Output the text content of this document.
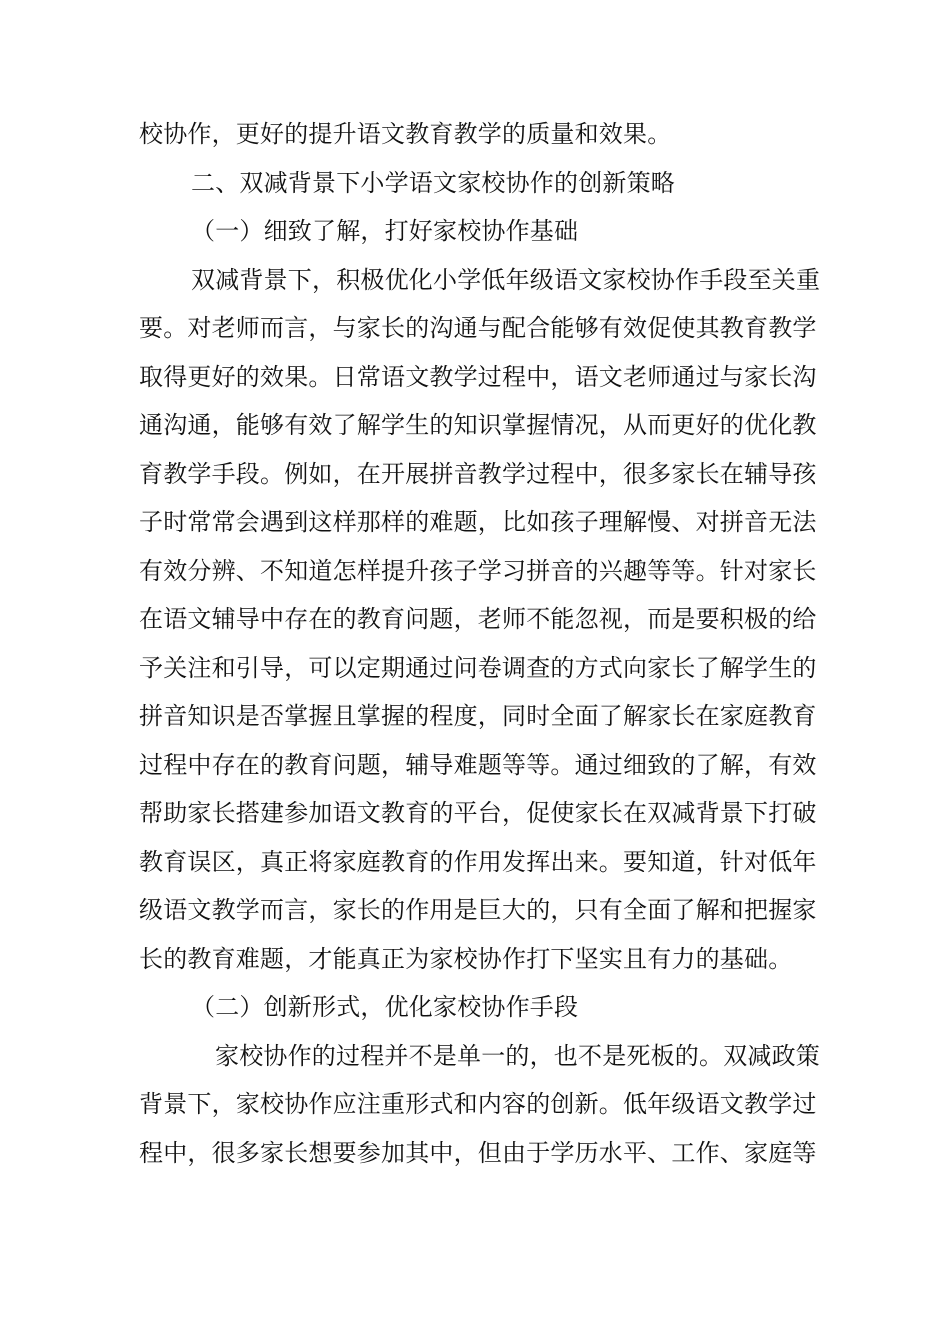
校协作，更好的提升语文教育教学的质量和效果。
二、双减背景下小学语文家校协作的创新策略
（一）细致了解，打好家校协作基础
双减背景下，积极优化小学低年级语文家校协作手段至关重
要。对老师而言，与家长的沟通与配合能够有效促使其教育教学
取得更好的效果。日常语文教学过程中，语文老师通过与家长沟
通沟通，能够有效了解学生的知识掌握情况，从而更好的优化教
育教学手段。例如，在开展拼音教学过程中，很多家长在辅导孩
子时常常会遇到这样那样的难题，比如孩子理解慢、对拼音无法
有效分辨、不知道怎样提升孩子学习拼音的兴趣等等。针对家长
在语文辅导中存在的教育问题，老师不能忽视，而是要积极的给
予关注和引导，可以定期通过问卷调查的方式向家长了解学生的
拼音知识是否掌握且掌握的程度，同时全面了解家长在家庭教育
过程中存在的教育问题，辅导难题等等。通过细致的了解，有效
帮助家长搭建参加语文教育的平台，促使家长在双减背景下打破
教育误区，真正将家庭教育的作用发挥出来。要知道，针对低年
级语文教学而言，家长的作用是巨大的，只有全面了解和把握家
长的教育难题，才能真正为家校协作打下坚实且有力的基础。
（二）创新形式，优化家校协作手段
家校协作的过程并不是单一的，也不是死板的。双减政策
背景下，家校协作应注重形式和内容的创新。低年级语文教学过
程中，很多家长想要参加其中，但由于学历水平、工作、家庭等
